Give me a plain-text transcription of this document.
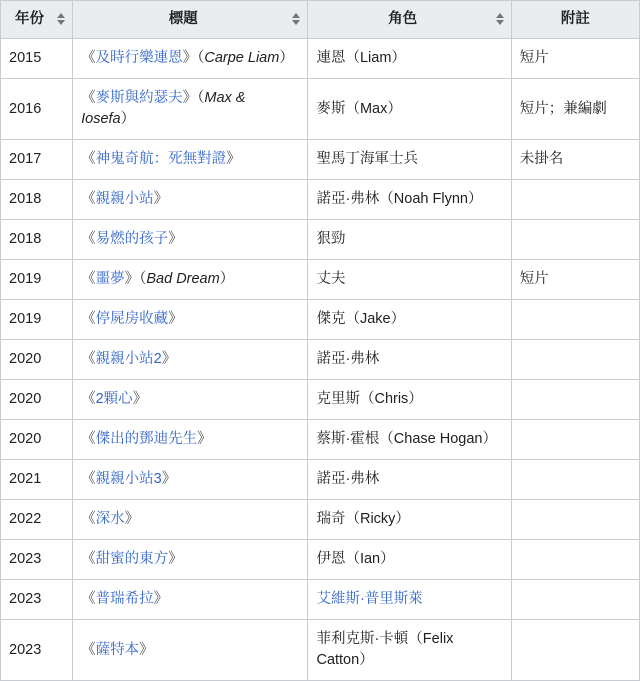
年份	標題	角色	附註

2015	《及時行樂連恩》（Carpe Liam）	連恩（Liam）	短片
2016	《麥斯與約瑟夫》（Max & Iosefa）	麥斯（Max）	短片；兼編劇
2017	《神鬼奇航：死無對證》	聖馬丁海軍士兵	未掛名
2018	《親親小站》	諾亞·弗林（Noah Flynn）	
2018	《易燃的孩子》	狠勁	
2019	《噩夢》（Bad Dream）	丈夫	短片
2019	《停屍房收藏》	傑克（Jake）	
2020	《親親小站2》	諾亞·弗林	
2020	《2顆心》	克里斯（Chris）	
2020	《傑出的鄧迪先生》	蔡斯·霍根（Chase Hogan）	
2021	《親親小站3》	諾亞·弗林	
2022	《深水》	瑞奇（Ricky）	
2023	《甜蜜的東方》	伊恩（Ian）	
2023	《普瑞希拉》	艾維斯·普里斯萊	
2023	《薩特本》	菲利克斯·卡頓（Felix Catton）	
